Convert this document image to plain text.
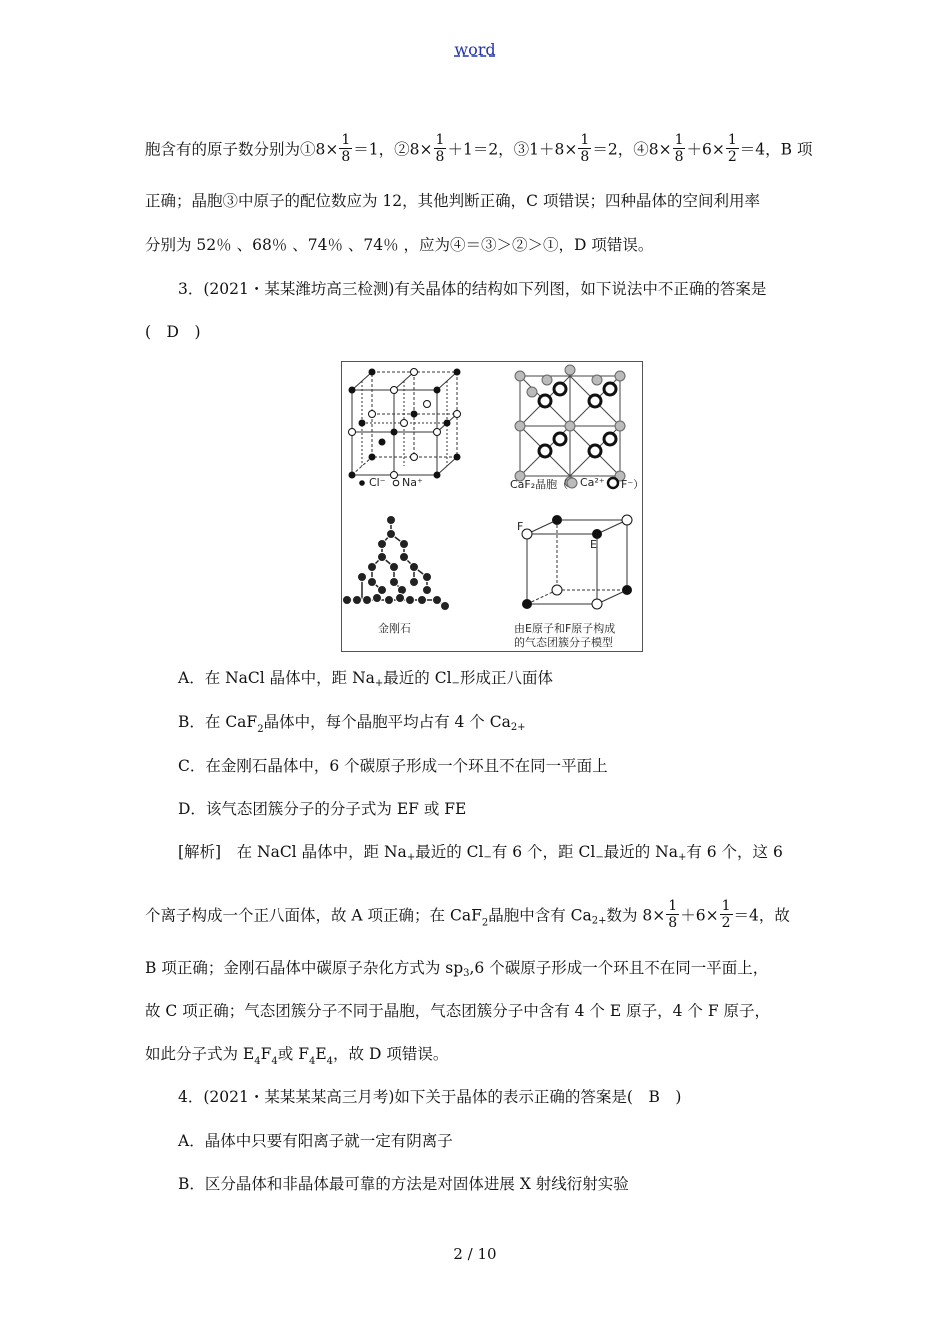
word
胞含有的原子数分别为①8× $\frac{1}{8} =1$，②8× $\frac{1}{8} +1=2$，③1＋8× $\frac{1}{8} =2$，④8× $\frac{1}{8} +6\times \frac{1}{2} =4$，B 项
正确；晶胞③中原子的配位数应为 12，其他判断正确，C 项错误；四种晶体的空间利用率
分别为 52％ 、68％ 、74％ 、74％ ，应为④＝③＞②＞①，D 项错误。
3．(2021・某某潍坊高三检测)有关晶体的结构如下列图，如下说法中不正确的答案是
(　D　)
Cl⁻ Na⁺	CaF₂晶胞（ Ca²⁺ F⁻）
金刚石
F
E
由E原子和F原子构成
的气态团簇分子模型
A．在 NaCl 晶体中，距 $Na_+$最近的 $Cl_-$形成正八面体
B．在 CaF$_2$晶体中，每个晶胞平均占有 4 个 $Ca_{2+}$
C．在金刚石晶体中，6 个碳原子形成一个环且不在同一平面上
D．该气态团簇分子的分子式为 EF 或 FE
[解析]　在 NaCl 晶体中，距 $Na_+$最近的 $Cl_-$有 6 个，距 $Cl_-$最近的 $Na_+$有 6 个，这 6
个离子构成一个正八面体，故 A 项正确；在 CaF$_2$晶胞中含有 $Ca_{2+}$数为 $8\times \frac{1}{8} +6\times \frac{1}{2} =4$，故
B 项正确；金刚石晶体中碳原子杂化方式为 $sp_3,6$ 个碳原子形成一个环且不在同一平面上，
故 C 项正确；气态团簇分子不同于晶胞，气态团簇分子中含有 4 个 E 原子，4 个 F 原子，
如此分子式为 $E_4F_4$或 $F_4E_4$，故 D 项错误。
4．(2021・某某某某高三月考)如下关于晶体的表示正确的答案是(　B　)
A．晶体中只要有阳离子就一定有阴离子
B．区分晶体和非晶体最可靠的方法是对固体进展 X 射线衍射实验
2 / 10
